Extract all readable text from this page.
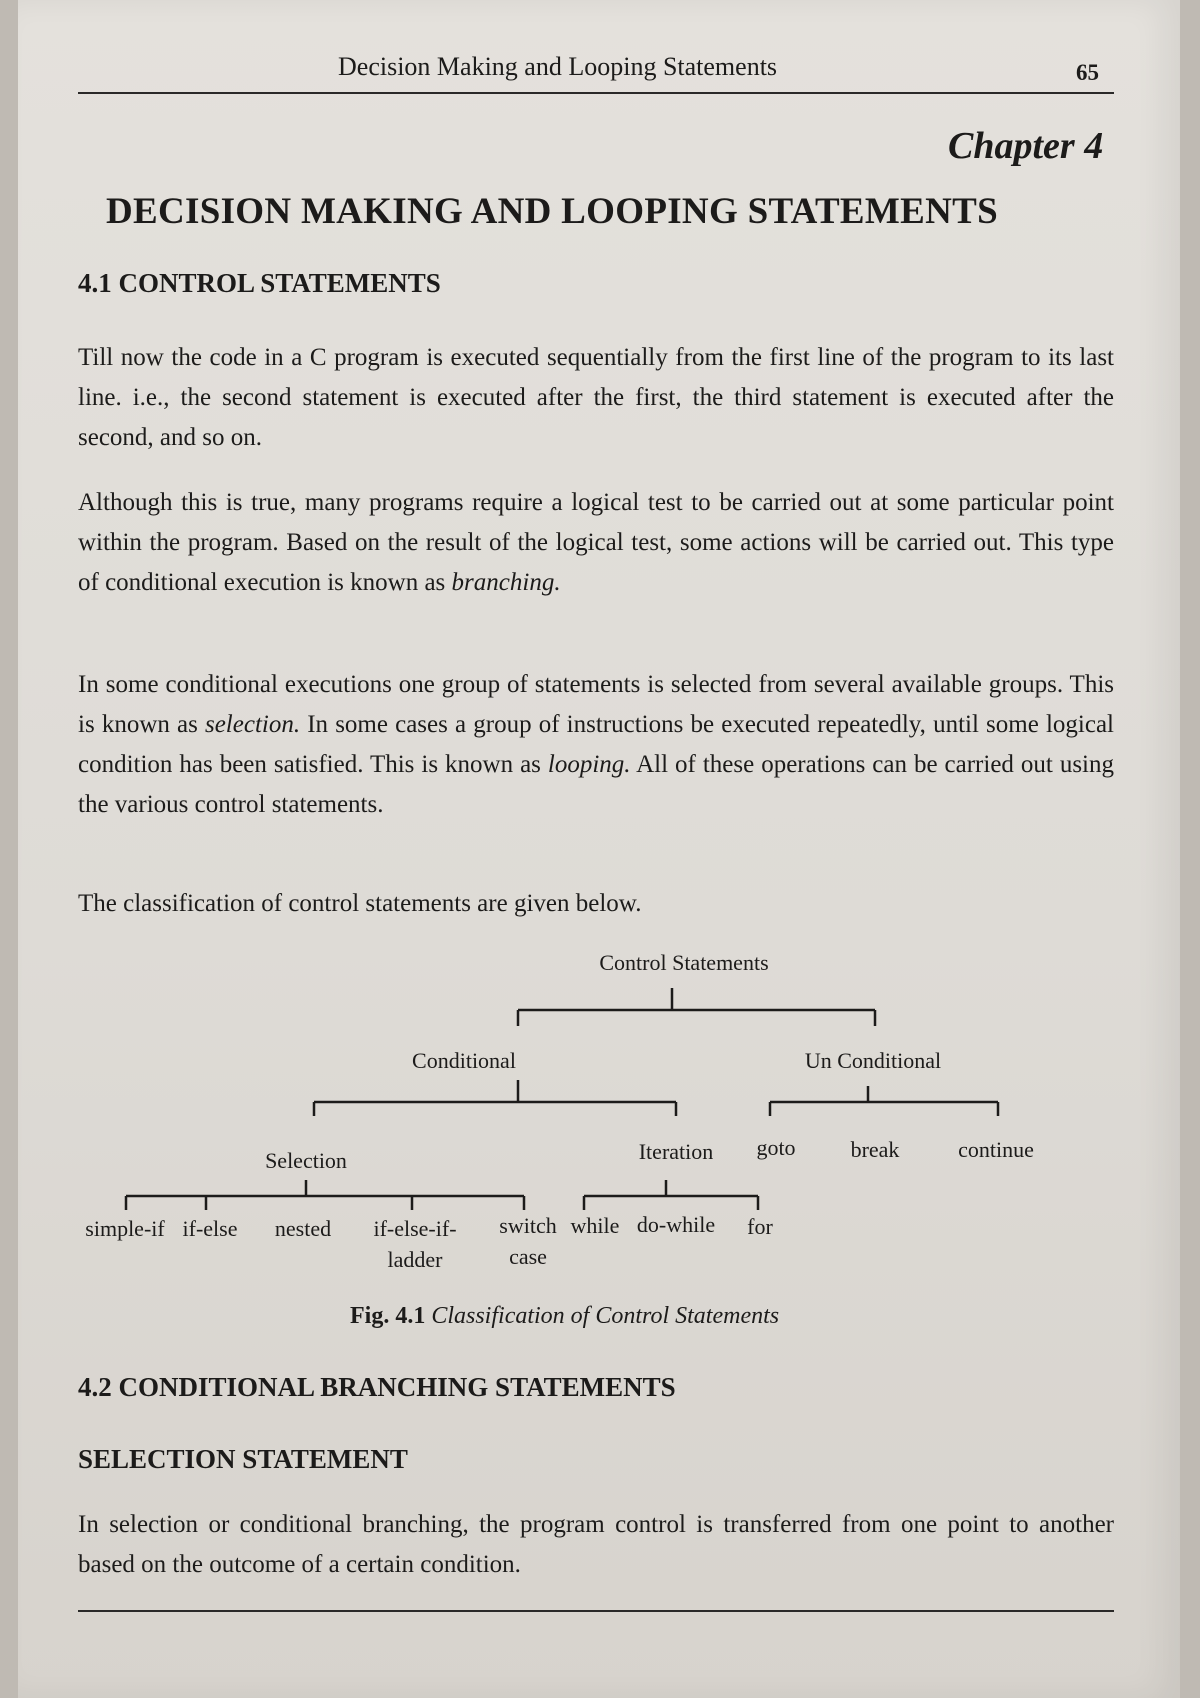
Decision Making and Looping Statements	65
Chapter 4
DECISION MAKING AND LOOPING STATEMENTS
4.1 CONTROL STATEMENTS
Till now the code in a C program is executed sequentially from the first line of the program to its last line. i.e., the second statement is executed after the first, the third statement is executed after the second, and so on.
Although this is true, many programs require a logical test to be carried out at some particular point within the program. Based on the result of the logical test, some actions will be carried out. This type of conditional execution is known as branching.
In some conditional executions one group of statements is selected from several available groups. This is known as selection. In some cases a group of instructions be executed repeatedly, until some logical condition has been satisfied. This is known as looping. All of these operations can be carried out using the various control statements.
The classification of control statements are given below.
Control Statements
Conditional	Un Conditional
Selection	Iteration goto	break	continue
simple-if if-else nested if-else-if-
ladder
switch
case
while do-while for
Fig. 4.1 Classification of Control Statements
4.2 CONDITIONAL BRANCHING STATEMENTS
SELECTION STATEMENT
In selection or conditional branching, the program control is transferred from one point to another based on the outcome of a certain condition.
